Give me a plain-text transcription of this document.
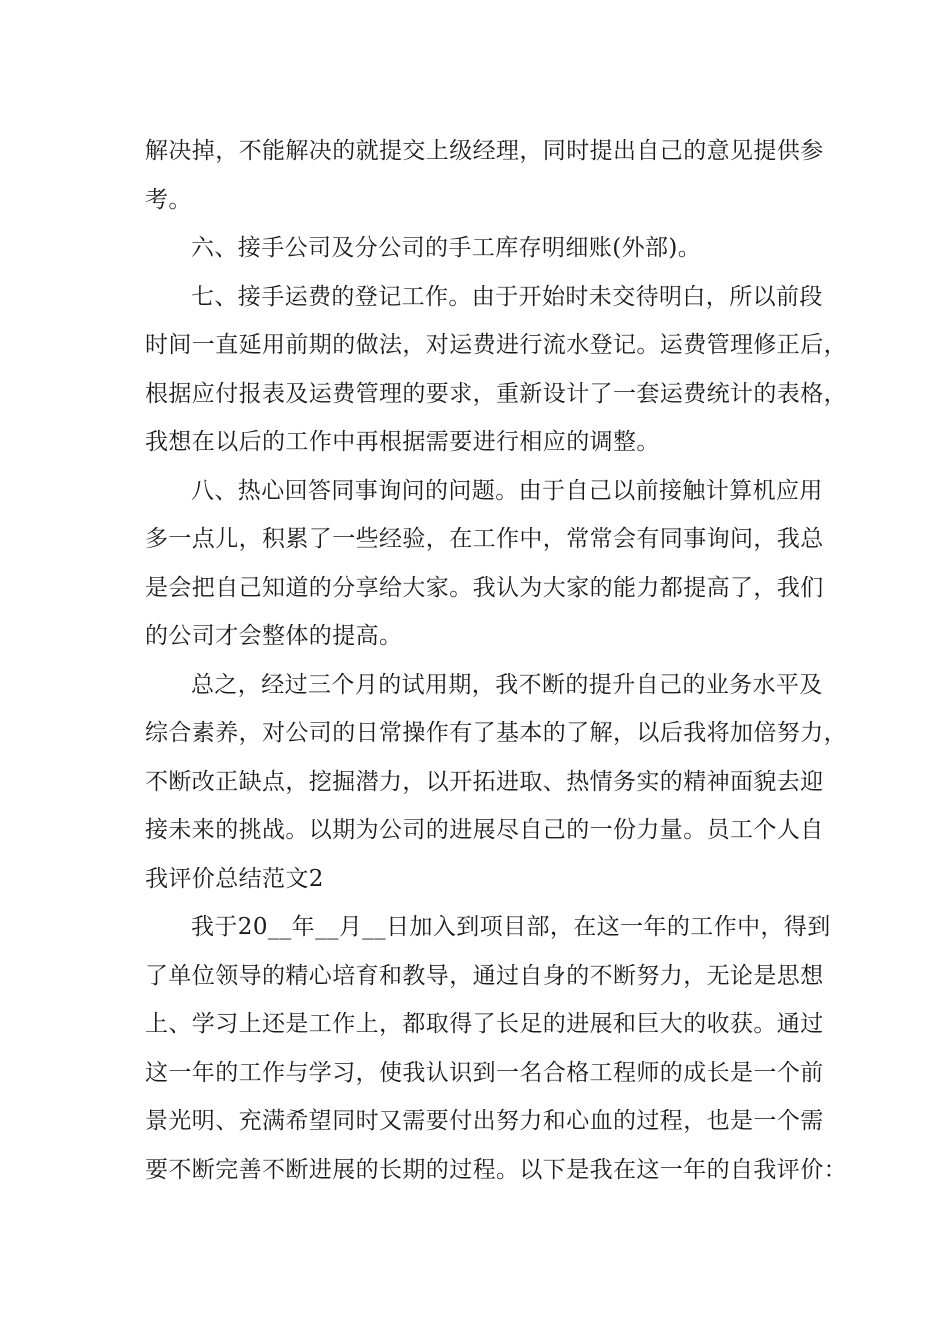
解决掉，不能解决的就提交上级经理，同时提出自己的意见提供参
考。
六、接手公司及分公司的手工库存明细账(外部)。
七、接手运费的登记工作。由于开始时未交待明白，所以前段
时间一直延用前期的做法，对运费进行流水登记。运费管理修正后，
根据应付报表及运费管理的要求，重新设计了一套运费统计的表格，
我想在以后的工作中再根据需要进行相应的调整。
八、热心回答同事询问的问题。由于自己以前接触计算机应用
多一点儿，积累了一些经验，在工作中，常常会有同事询问，我总
是会把自己知道的分享给大家。我认为大家的能力都提高了，我们
的公司才会整体的提高。
总之，经过三个月的试用期，我不断的提升自己的业务水平及
综合素养，对公司的日常操作有了基本的了解，以后我将加倍努力，
不断改正缺点，挖掘潜力，以开拓进取、热情务实的精神面貌去迎
接未来的挑战。以期为公司的进展尽自己的一份力量。员工个人自
我评价总结范文2
我于20__年__月__日加入到项目部，在这一年的工作中，得到
了单位领导的精心培育和教导，通过自身的不断努力，无论是思想
上、学习上还是工作上，都取得了长足的进展和巨大的收获。通过
这一年的工作与学习，使我认识到一名合格工程师的成长是一个前
景光明、充满希望同时又需要付出努力和心血的过程，也是一个需
要不断完善不断进展的长期的过程。以下是我在这一年的自我评价：
